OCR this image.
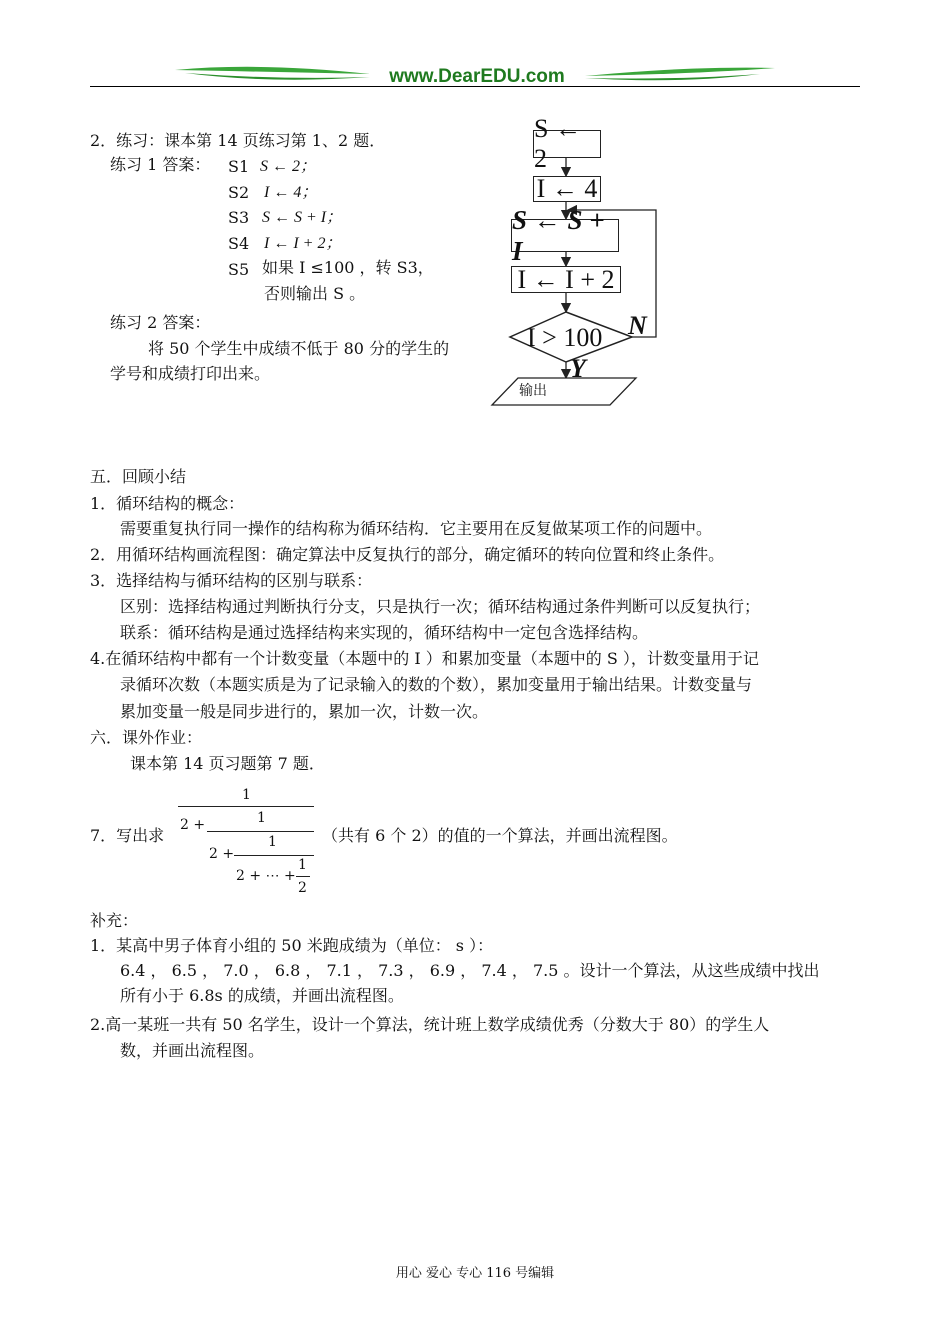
www.DearEDU.com
2．练习：课本第 14 页练习第 1、2 题．
练习 1 答案： S1 S ← 2；
S2 I ← 4；
S3 S ← S + I；
S4 I ← I + 2；
S5 如果 I ≤100 ，转 S3，
否则输出 S 。
练习 2 答案：
将 50 个学生中成绩不低于 80 分的学生的
学号和成绩打印出来。
S ← 2
I ← 4
S ← S + I
I ← I + 2
I > 100 N
Y
输出
五．回顾小结
1．循环结构的概念：
需要重复执行同一操作的结构称为循环结构．它主要用在反复做某项工作的问题中。
2．用循环结构画流程图：确定算法中反复执行的部分，确定循环的转向位置和终止条件。
3．选择结构与循环结构的区别与联系：
区别：选择结构通过判断执行分支，只是执行一次；循环结构通过条件判断可以反复执行；
联系：循环结构是通过选择结构来实现的，循环结构中一定包含选择结构。
4.在循环结构中都有一个计数变量（本题中的 I ）和累加变量（本题中的 S ），计数变量用于记
录循环次数（本题实质是为了记录输入的数的个数），累加变量用于输出结果。计数变量与
累加变量一般是同步进行的，累加一次，计数一次。
六．课外作业：
课本第 14 页习题第 7 题．
7．写出求
1
2 +	1
2 +
1
2 + ⋯ +
1
2
（共有 6 个 2）的值的一个算法，并画出流程图。
补充：
1．某高中男子体育小组的 50 米跑成绩为（单位： s ）：
6.4 ， 6.5 ， 7.0 ， 6.8 ， 7.1 ， 7.3 ， 6.9 ， 7.4 ， 7.5 。设计一个算法，从这些成绩中找出
所有小于 6.8s 的成绩，并画出流程图。
2.高一某班一共有 50 名学生，设计一个算法，统计班上数学成绩优秀（分数大于 80）的学生人
数，并画出流程图。
用心 爱心 专心 116 号编辑
